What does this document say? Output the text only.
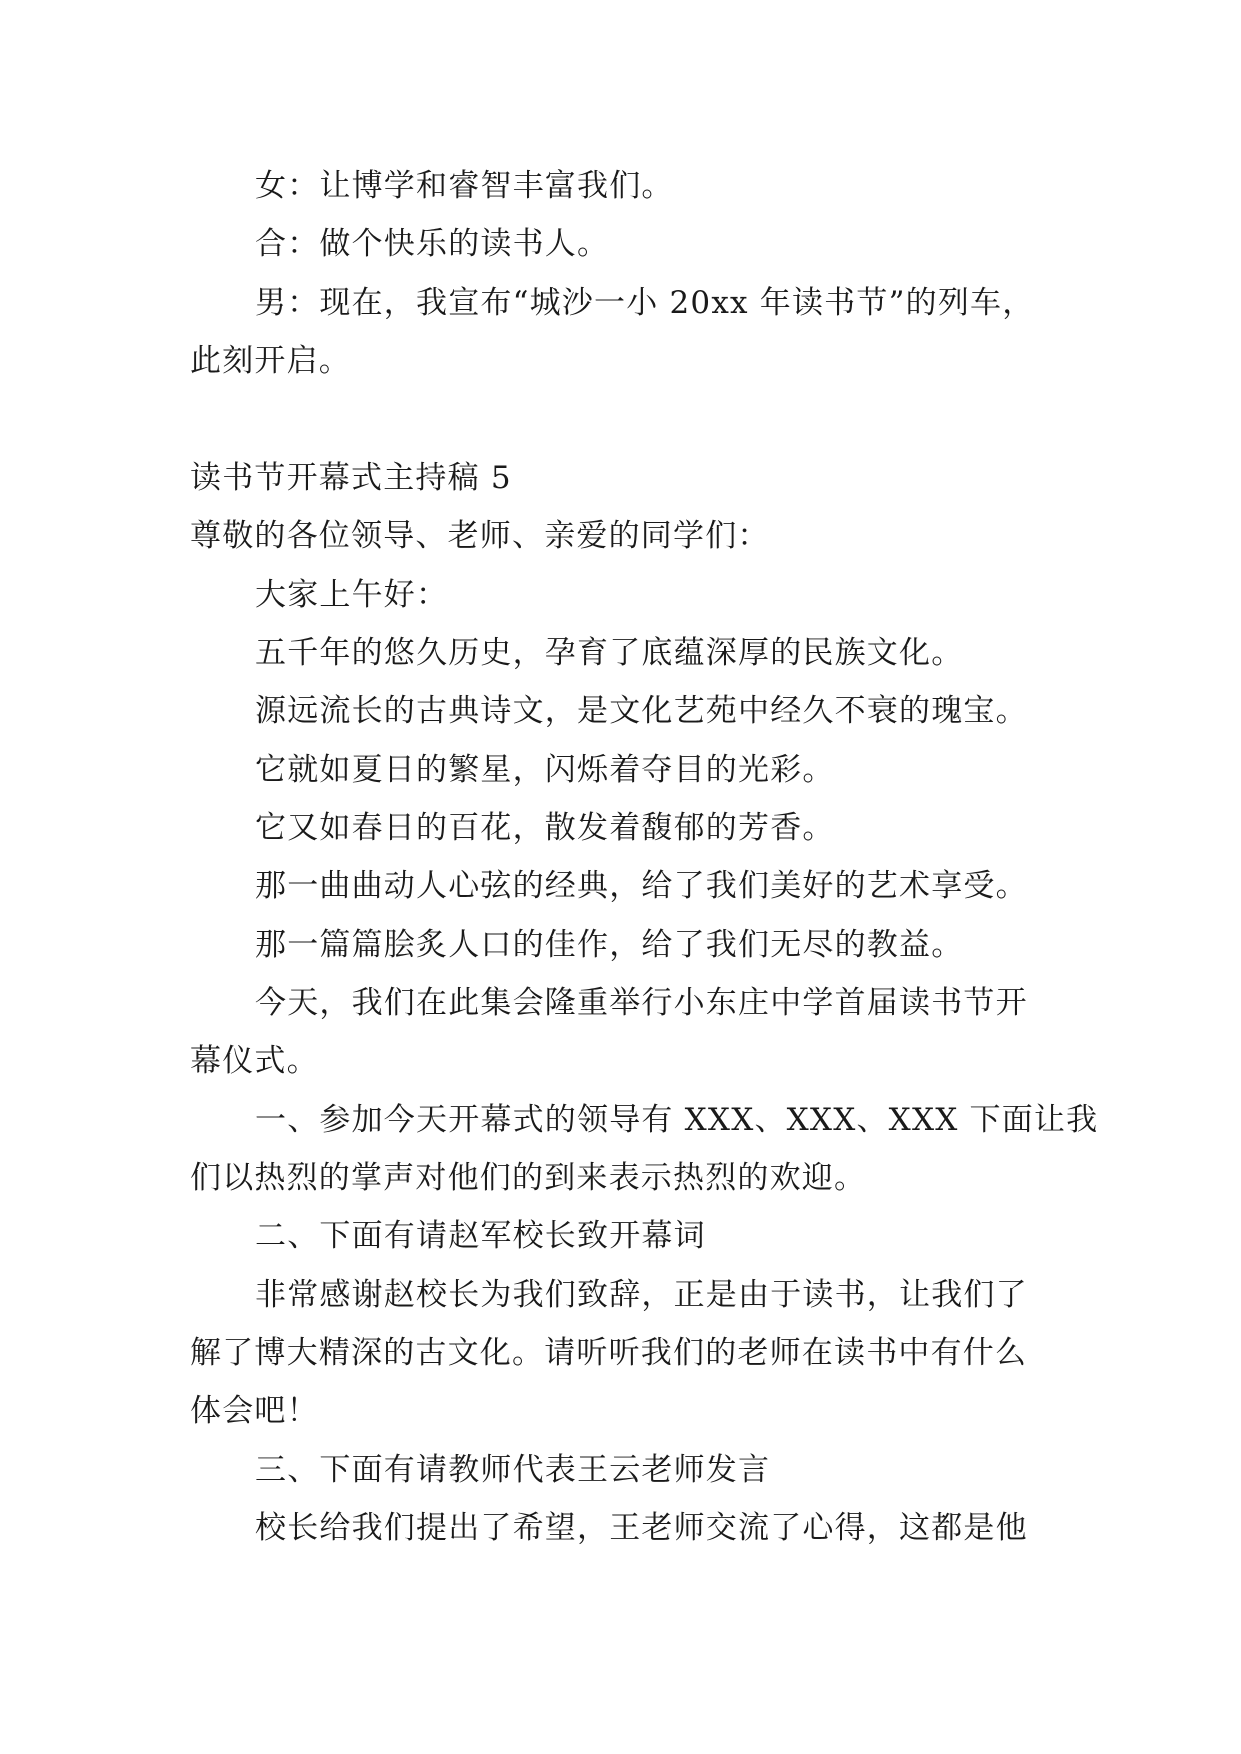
女：让博学和睿智丰富我们。
合：做个快乐的读书人。
男：现在，我宣布“城沙一小 20xx 年读书节”的列车，
此刻开启。
读书节开幕式主持稿 5
尊敬的各位领导、老师、亲爱的同学们：
大家上午好：
五千年的悠久历史，孕育了底蕴深厚的民族文化。
源远流长的古典诗文，是文化艺苑中经久不衰的瑰宝。
它就如夏日的繁星，闪烁着夺目的光彩。
它又如春日的百花，散发着馥郁的芳香。
那一曲曲动人心弦的经典，给了我们美好的艺术享受。
那一篇篇脍炙人口的佳作，给了我们无尽的教益。
今天，我们在此集会隆重举行小东庄中学首届读书节开
幕仪式。
一、参加今天开幕式的领导有 XXX、XXX、XXX 下面让我
们以热烈的掌声对他们的到来表示热烈的欢迎。
二、下面有请赵军校长致开幕词
非常感谢赵校长为我们致辞，正是由于读书，让我们了
解了博大精深的古文化。请听听我们的老师在读书中有什么
体会吧！
三、下面有请教师代表王云老师发言
校长给我们提出了希望，王老师交流了心得，这都是他
